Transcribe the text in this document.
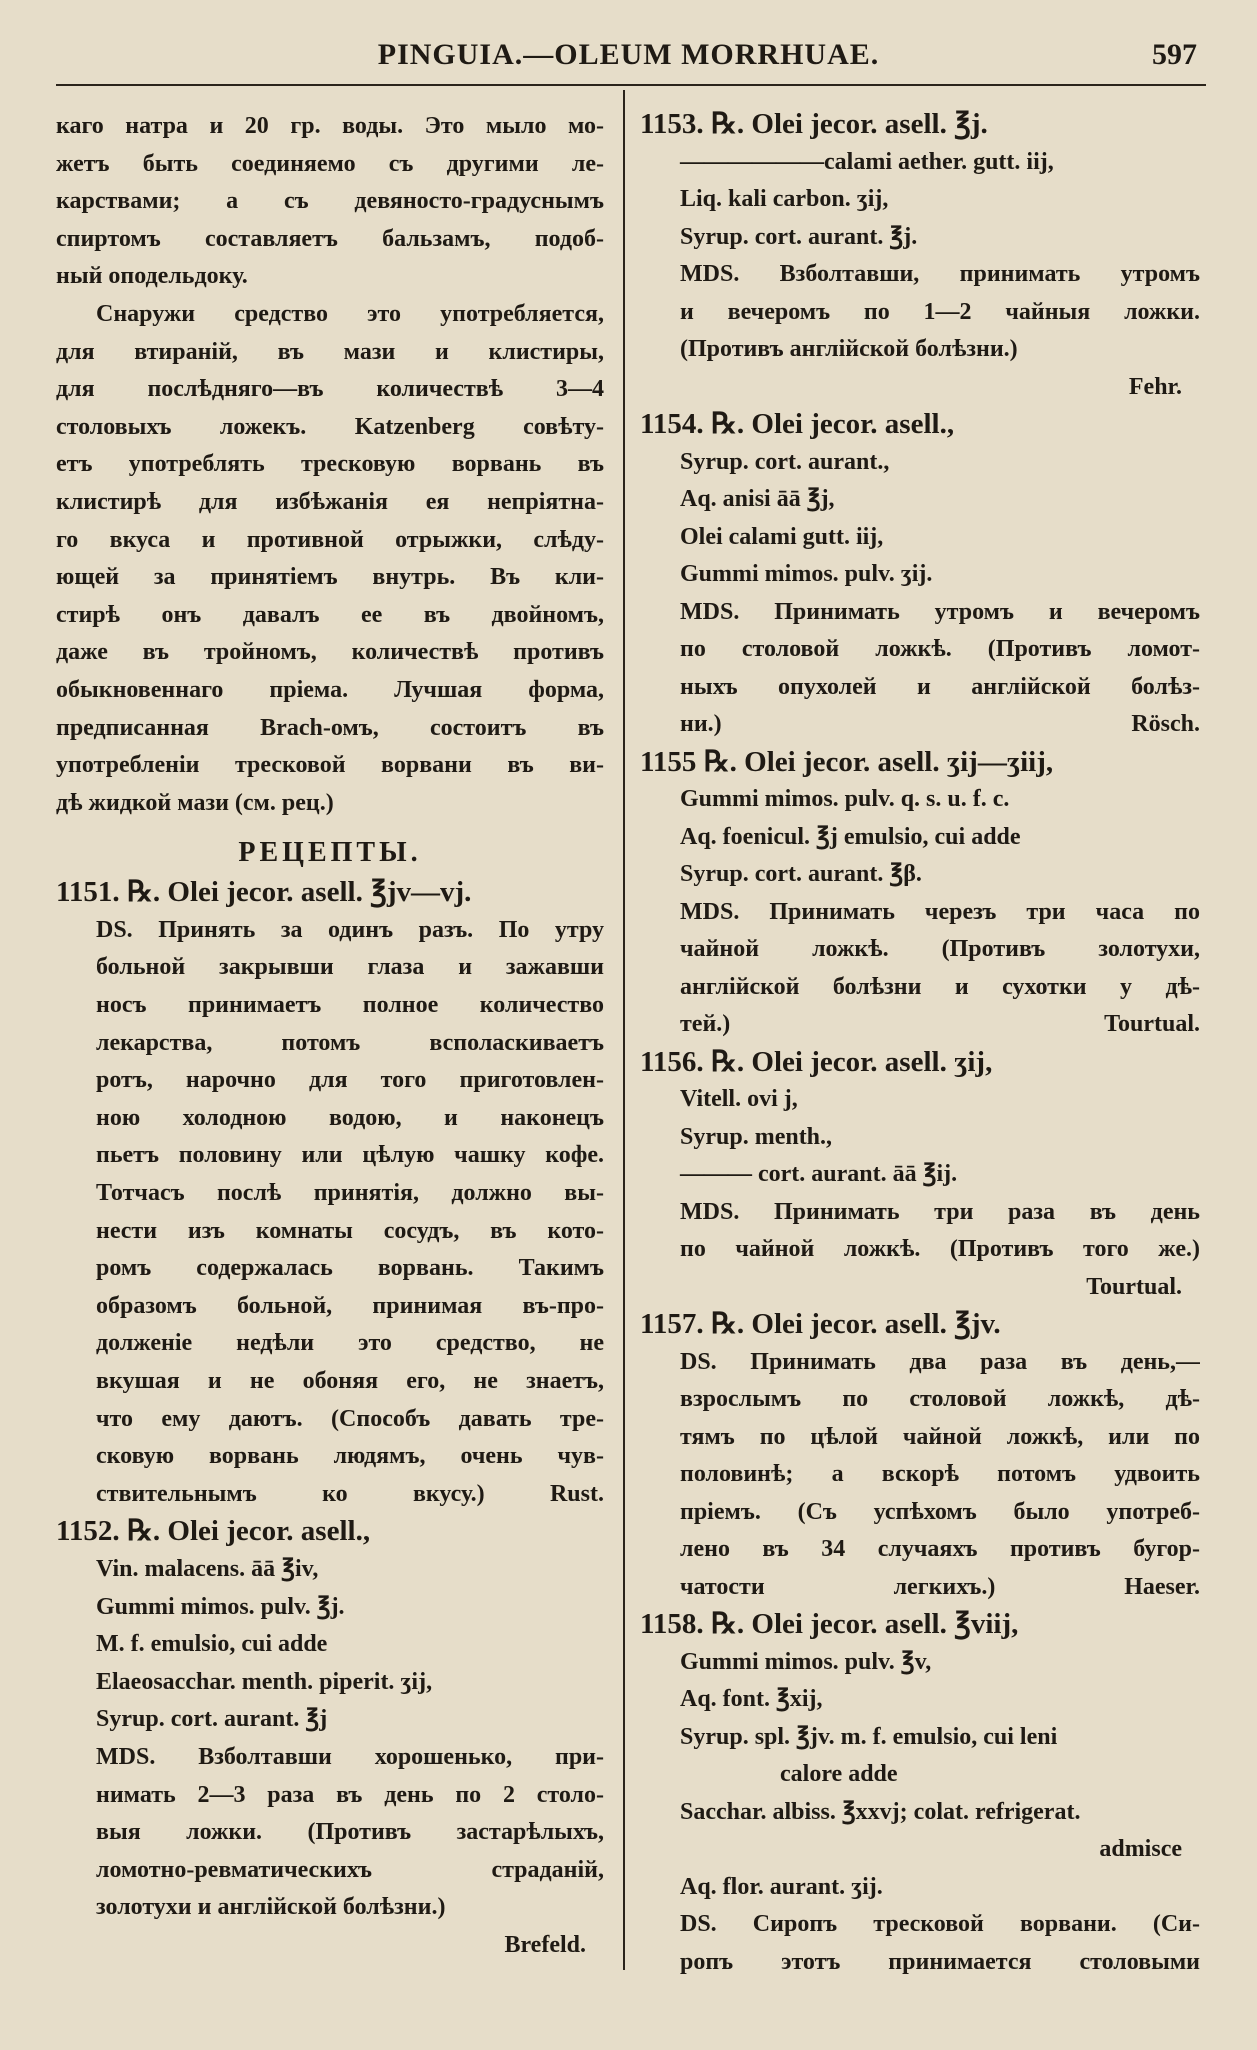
PINGUIA.—OLEUM MORRHUAE.	597
каго натра и 20 гр. воды. Это мыло мо-
жетъ быть соединяемо съ другими ле-
карствами; а съ девяносто-градуснымъ
спиртомъ составляетъ бальзамъ, подоб-
ный оподельдоку.
Снаружи средство это употребляется,
для втираній, въ мази и клистиры,
для послѣдняго—въ количествѣ 3—4
столовыхъ ложекъ. Katzenberg совѣту-
етъ употреблять тресковую ворвань въ
клистирѣ для избѣжанія ея непріятна-
го вкуса и противной отрыжки, слѣду-
ющей за принятіемъ внутрь. Въ кли-
стирѣ онъ давалъ ее въ двойномъ,
даже въ тройномъ, количествѣ противъ
обыкновеннаго пріема. Лучшая форма,
предписанная Brach-омъ, состоитъ въ
употребленіи тресковой ворвани въ ви-
дѣ жидкой мази (см. рец.)
РЕЦЕПТЫ.
1151. ℞. Olei jecor. asell. ℥jv—vj.
DS. Принять за одинъ разъ. По утру
больной закрывши глаза и зажавши
носъ принимаетъ полное количество
лекарства, потомъ всполаскиваетъ
ротъ, нарочно для того приготовлен-
ною холодною водою, и наконецъ
пьетъ половину или цѣлую чашку кофе.
Тотчасъ послѣ принятія, должно вы-
нести изъ комнаты сосудъ, въ кото-
ромъ содержалась ворвань. Такимъ
образомъ больной, принимая въ-про-
долженіе недѣли это средство, не
вкушая и не обоняя его, не знаетъ,
что ему даютъ. (Способъ давать тре-
сковую ворвань людямъ, очень чув-
ствительнымъ ко вкусу.) Rust.
1152. ℞. Olei jecor. asell.,
Vin. malacens. āā ℥iv,
Gummi mimos. pulv. ℥j.
M. f. emulsio, cui adde
Elaeosacchar. menth. piperit. ʒij,
Syrup. cort. aurant. ℥j
MDS. Взболтавши хорошенько, при-
нимать 2—3 раза въ день по 2 столо-
выя ложки. (Противъ застарѣлыхъ,
ломотно-ревматическихъ страданій,
золотухи и англійской болѣзни.)
Brefeld.
1153. ℞. Olei jecor. asell. ℥j.
——————calami aether. gutt. iij,
Liq. kali carbon. ʒij,
Syrup. cort. aurant. ℥j.
MDS. Взболтавши, принимать утромъ
и вечеромъ по 1—2 чайныя ложки.
(Противъ англійской болѣзни.)
Fehr.
1154. ℞. Olei jecor. asell.,
Syrup. cort. aurant.,
Aq. anisi āā ℥j,
Olei calami gutt. iij,
Gummi mimos. pulv. ʒij.
MDS. Принимать утромъ и вечеромъ
по столовой ложкѣ. (Противъ ломот-
ныхъ опухолей и англійской болѣз-
ни.) Rösch.
1155 ℞. Olei jecor. asell. ʒij—ʒiij,
Gummi mimos. pulv. q. s. u. f. c.
Aq. foenicul. ℥j emulsio, cui adde
Syrup. cort. aurant. ℥β.
MDS. Принимать черезъ три часа по
чайной ложкѣ. (Противъ золотухи,
англійской болѣзни и сухотки у дѣ-
тей.) Tourtual.
1156. ℞. Olei jecor. asell. ʒij,
Vitell. ovi j,
Syrup. menth.,
——— cort. aurant. āā ℥ij.
MDS. Принимать три раза въ день
по чайной ложкѣ. (Противъ того же.)
Tourtual.
1157. ℞. Olei jecor. asell. ℥jv.
DS. Принимать два раза въ день,—
взрослымъ по столовой ложкѣ, дѣ-
тямъ по цѣлой чайной ложкѣ, или по
половинѣ; а вскорѣ потомъ удвоить
пріемъ. (Съ успѣхомъ было употреб-
лено въ 34 случаяхъ противъ бугор-
чатости легкихъ.) Haeser.
1158. ℞. Olei jecor. asell. ℥viij,
Gummi mimos. pulv. ℥v,
Aq. font. ℥xij,
Syrup. spl. ℥jv. m. f. emulsio, cui leni
calore adde
Sacchar. albiss. ℥xxvj; colat. refrigerat.
admisce
Aq. flor. aurant. ʒij.
DS. Сиропъ тресковой ворвани. (Си-
ропъ этотъ принимается столовыми
